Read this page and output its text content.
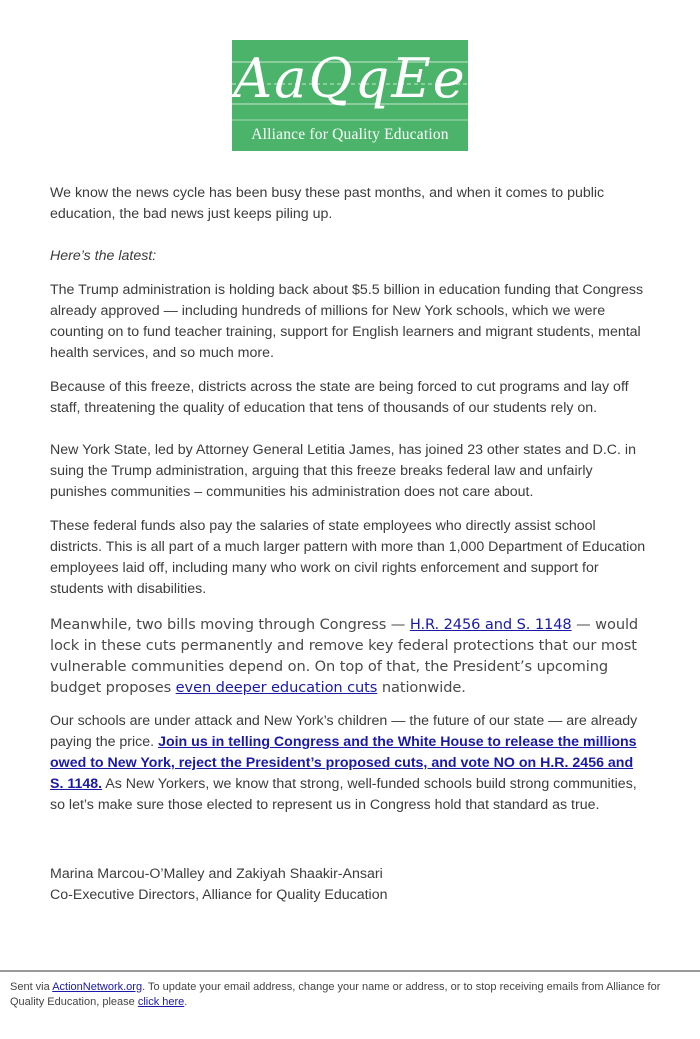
AaQqEe
Alliance for Quality Education

We know the news cycle has been busy these past months, and when it comes to public education, the bad news just keeps piling up.

Here’s the latest:

The Trump administration is holding back about $5.5 billion in education funding that Congress already approved — including hundreds of millions for New York schools, which we were counting on to fund teacher training, support for English learners and migrant students, mental health services, and so much more.

Because of this freeze, districts across the state are being forced to cut programs and lay off staff, threatening the quality of education that tens of thousands of our students rely on.

New York State, led by Attorney General Letitia James, has joined 23 other states and D.C. in suing the Trump administration, arguing that this freeze breaks federal law and unfairly punishes communities – communities his administration does not care about.

These federal funds also pay the salaries of state employees who directly assist school districts. This is all part of a much larger pattern with more than 1,000 Department of Education employees laid off, including many who work on civil rights enforcement and support for students with disabilities.

Meanwhile, two bills moving through Congress — H.R. 2456 and S. 1148 — would lock in these cuts permanently and remove key federal protections that our most vulnerable communities depend on. On top of that, the President’s upcoming budget proposes even deeper education cuts nationwide.

Our schools are under attack and New York’s children — the future of our state — are already paying the price. Join us in telling Congress and the White House to release the millions owed to New York, reject the President’s proposed cuts, and vote NO on H.R. 2456 and S. 1148. As New Yorkers, we know that strong, well-funded schools build strong communities, so let’s make sure those elected to represent us in Congress hold that standard as true.

Marina Marcou-O’Malley and Zakiyah Shaakir-Ansari

Co-Executive Directors, Alliance for Quality Education

Sent via ActionNetwork.org. To update your email address, change your name or address, or to stop receiving emails from Alliance for Quality Education, please click here.
